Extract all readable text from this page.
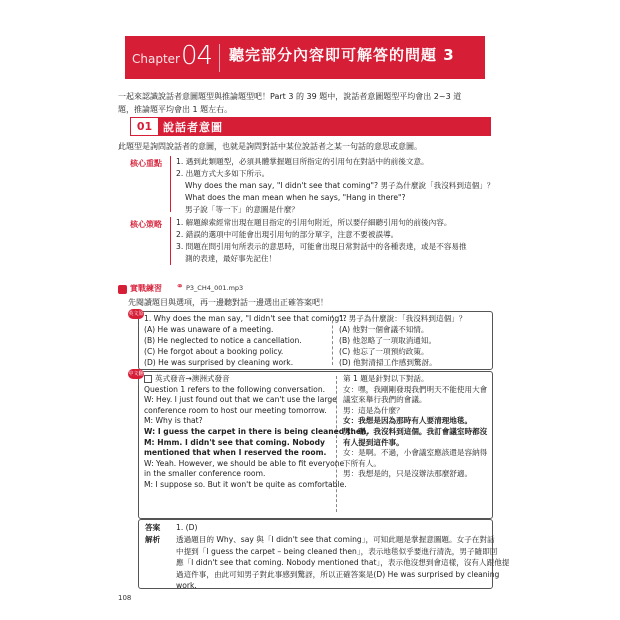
Chapter 04 聽完部分內容即可解答的問題 3
一起來認識說話者意圖題型與推論題型吧！Part 3 的 39 題中，說話者意圖題型平均會出 2~3 道
題，推論題平均會出 1 題左右。
01 說話者意圖
此題型是詢問說話者的意圖，也就是詢問對話中某位說話者之某一句話的意思或意圖。
核心重點 1. 遇到此類題型，必須具體掌握題目所指定的引用句在對話中的前後文意。
2. 出題方式大多如下所示。
Why does the man say, "I didn't see that coming"? 男子為什麼說「我沒料到這個」？
What does the man mean when he says, "Hang in there"?
男子說「等一下」的意圖是什麼？
核心策略 1. 解題線索經常出現在題目指定的引用句附近，所以要仔細聽引用句的前後內容。
2. 錯誤的選項中可能會出現引用句的部分單字，注意不要被誤導。
3. 問題在問引用句所表示的意思時，可能會出現日常對話中的各種表達，或是不容易推
測的表達，最好事先記住！
實戰練習 ⚭ P3_CH4_001.mp3
先閱讀題目與選項，再一邊聽對話一邊選出正確答案吧！
英文原文
1. Why does the man say, "I didn't see that coming"?
(A) He was unaware of a meeting.
(B) He neglected to notice a cancellation.
(C) He forgot about a booking policy.
(D) He was surprised by cleaning work.
1. 男子為什麼說：「我沒料到這個」？
(A) 他對一個會議不知情。
(B) 他忽略了一項取消通知。
(C) 他忘了一項預約政策。
(D) 他對清掃工作感到驚訝。
中文翻譯
英式發音→澳洲式發音
Question 1 refers to the following conversation.
W: Hey. I just found out that we can't use the large
conference room to host our meeting tomorrow.
M: Why is that?
W: I guess the carpet in there is being cleaned then.
M: Hmm. I didn't see that coming. Nobody
mentioned that when I reserved the room.
W: Yeah. However, we should be able to fit everyone
in the smaller conference room.
M: I suppose so. But it won't be quite as comfortable.
第 1 題是針對以下對話。
女：嘿，我剛剛發現我們明天不能使用大會
議室來舉行我們的會議。
男：這是為什麼？
女：我想是因為那時有人要清理地毯。
男：嗯，我沒料到這個。我訂會議室時都沒
有人提到這件事。
女：是啊。不過，小會議室應該還是容納得
下所有人。
男：我想是的，只是沒辦法那麼舒適。
答案 1. (D)
解析 透過題目的 Why、say 與「I didn't see that coming」，可知此題是掌握意圖題。女子在對話
中提到「I guess the carpet – being cleaned then」，表示地毯似乎要進行清洗，男子隨即回
應「I didn't see that coming. Nobody mentioned that」，表示他沒想到會這樣，沒有人跟他提
過這件事，由此可知男子對此事感到驚訝，所以正確答案是(D) He was surprised by cleaning
work.
108
